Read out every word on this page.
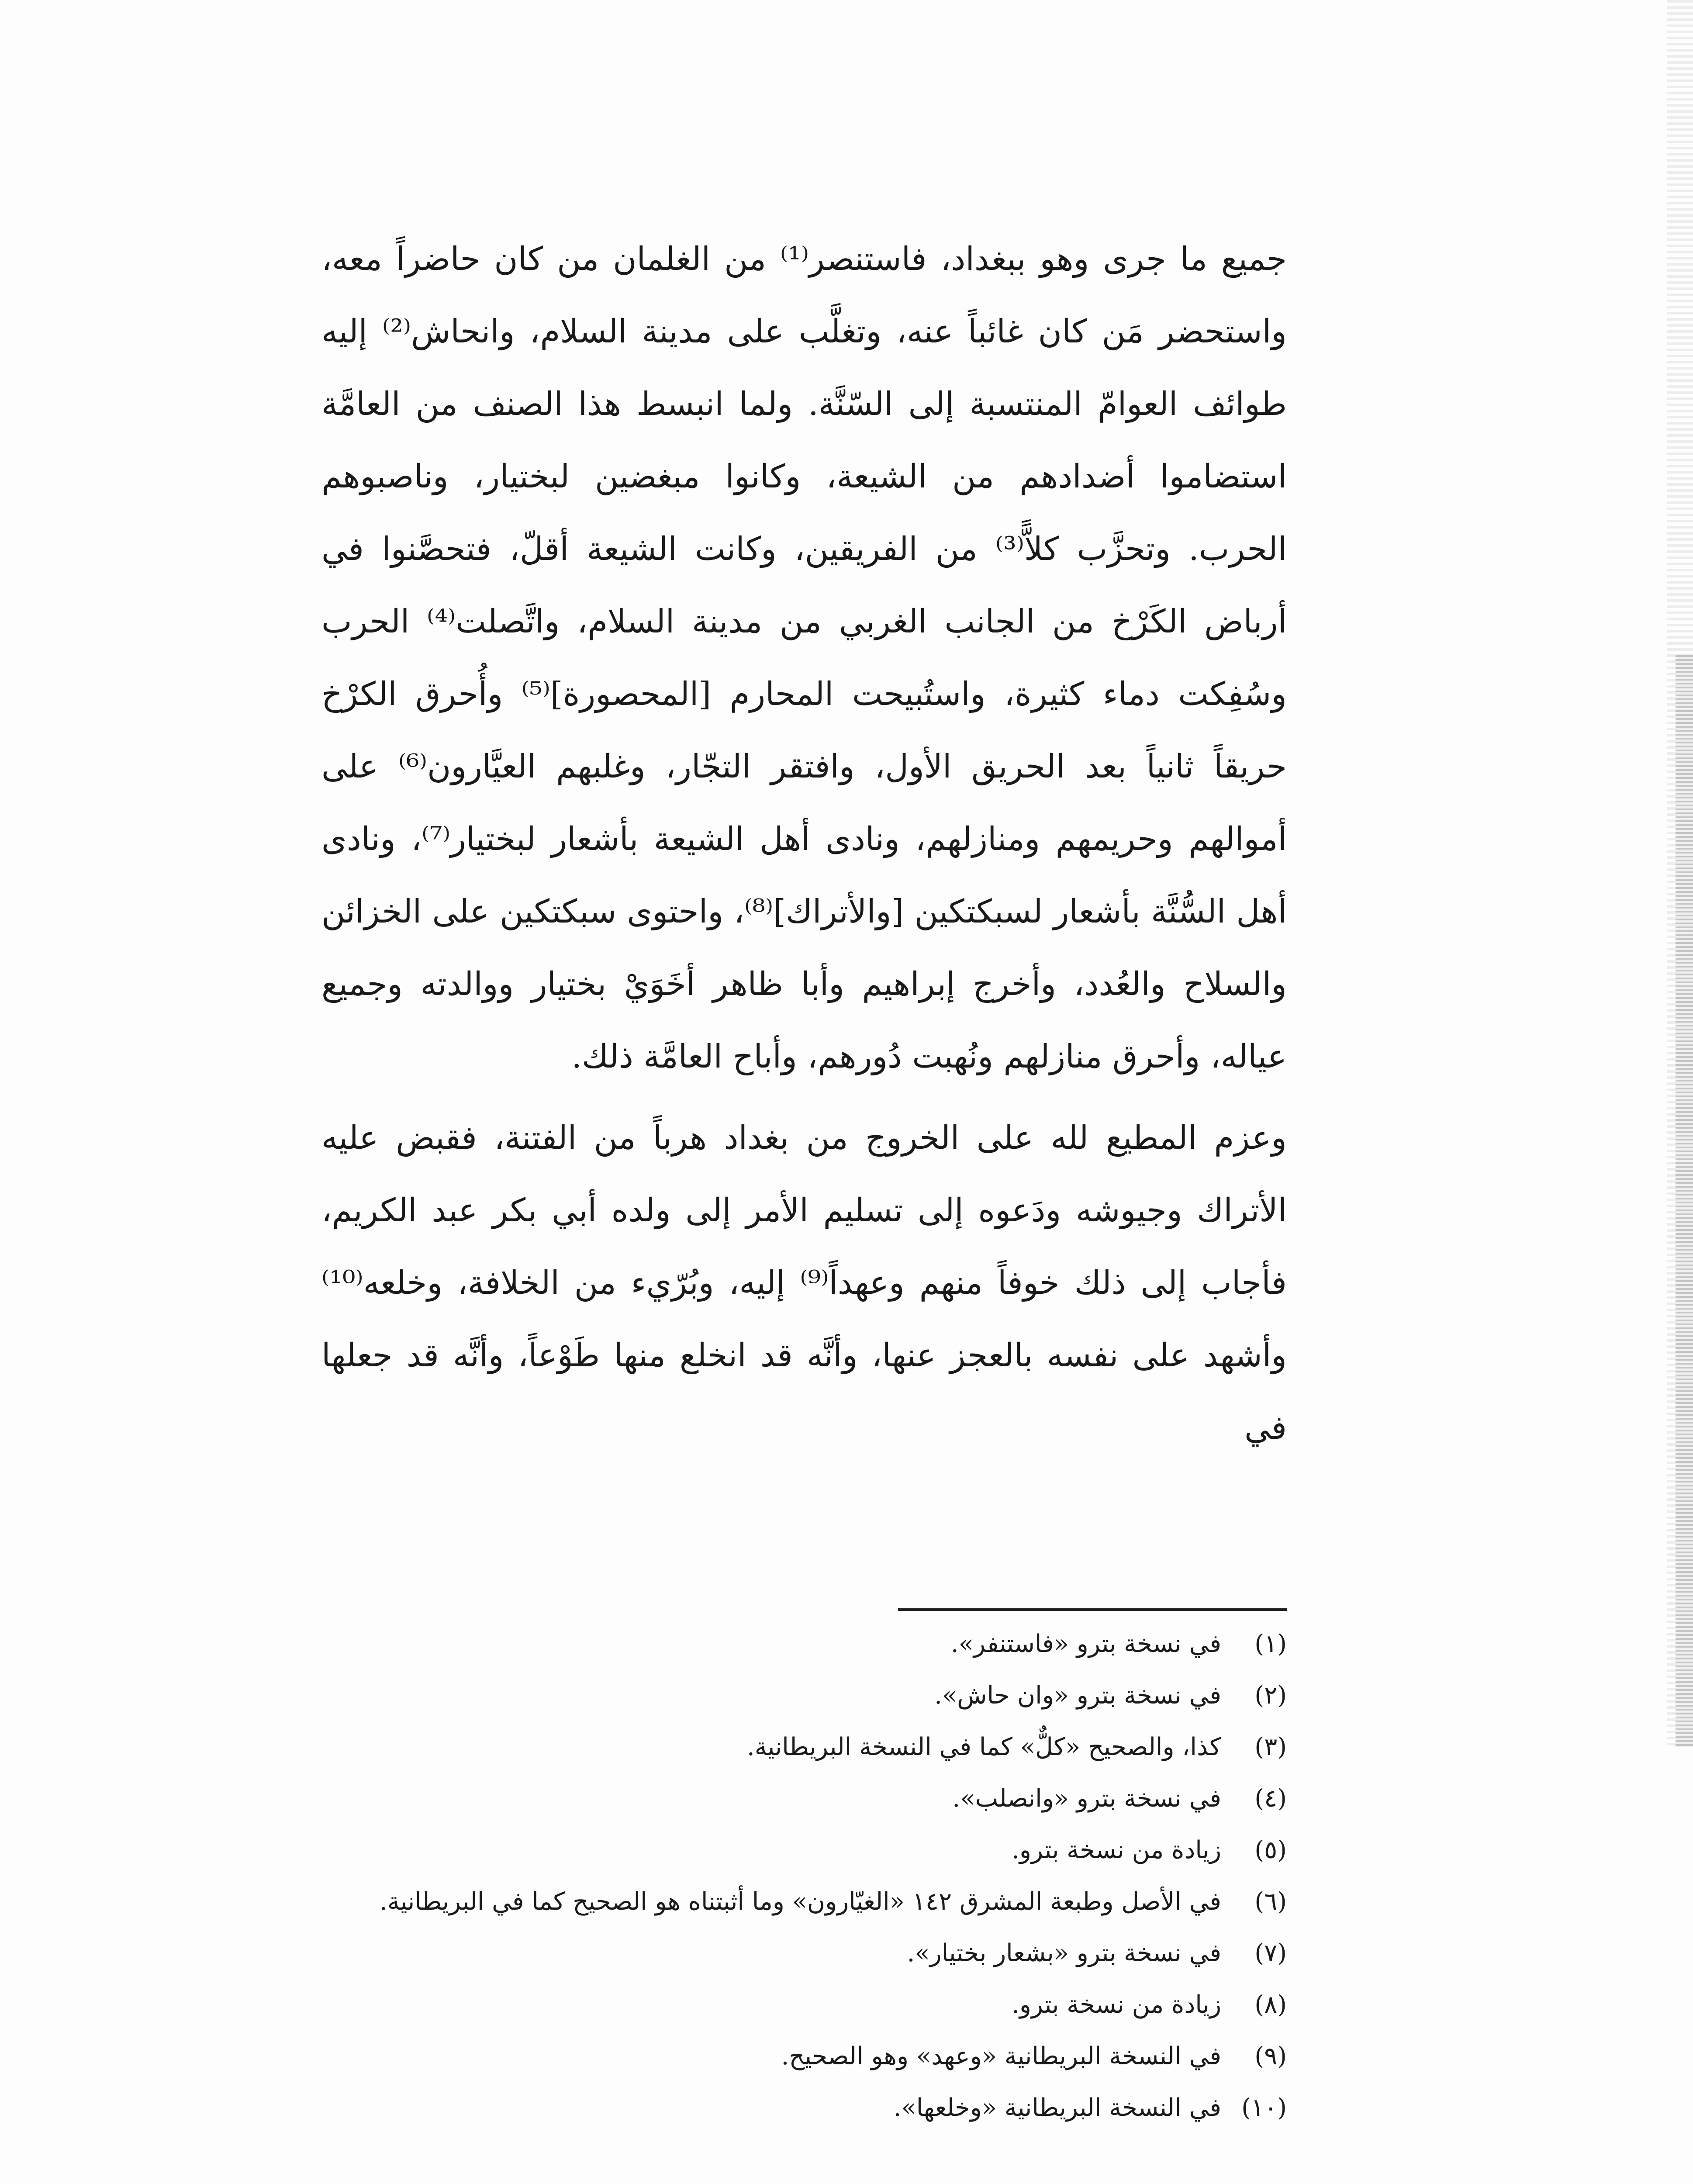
جميع ما جرى وهو ببغداد، فاستنصر⁽¹⁾ من الغلمان من كان حاضراً معه، واستحضر مَن كان غائباً عنه، وتغلَّب على مدينة السلام، وانحاش⁽²⁾ إليه طوائف العوامّ المنتسبة إلى السّنَّة. ولما انبسط هذا الصنف من العامَّة استضاموا أضدادهم من الشيعة، وكانوا مبغضين لبختيار، وناصبوهم الحرب. وتحزَّب كلاًّ⁽³⁾ من الفريقين، وكانت الشيعة أقلّ، فتحصَّنوا في أرباض الكَرْخ من الجانب الغربي من مدينة السلام، واتَّصلت⁽⁴⁾ الحرب وسُفِكت دماء كثيرة، واستُبيحت المحارم [المحصورة]⁽⁵⁾ وأُحرق الكرْخ حريقاً ثانياً بعد الحريق الأول، وافتقر التجّار، وغلبهم العيَّارون⁽⁶⁾ على أموالهم وحريمهم ومنازلهم، ونادى أهل الشيعة بأشعار لبختيار⁽⁷⁾، ونادى أهل السُّنَّة بأشعار لسبكتكين [والأتراك]⁽⁸⁾، واحتوى سبكتكين على الخزائن والسلاح والعُدد، وأخرج إبراهيم وأبا ظاهر أخَوَيْ بختيار ووالدته وجميع عياله، وأحرق منازلهم ونُهبت دُورهم، وأباح العامَّة ذلك.

وعزم المطيع لله على الخروج من بغداد هرباً من الفتنة، فقبض عليه الأتراك وجيوشه ودَعوه إلى تسليم الأمر إلى ولده أبي بكر عبد الكريم، فأجاب إلى ذلك خوفاً منهم وعهداً⁽⁹⁾ إليه، وبُرّيء من الخلافة، وخلعه⁽¹⁰⁾ وأشهد على نفسه بالعجز عنها، وأنَّه قد انخلع منها طَوْعاً، وأنَّه قد جعلها في

(١)
في نسخة بترو «فاستنفر».
(٢)
في نسخة بترو «وان حاش».
(٣)
كذا، والصحيح «كلٌّ» كما في النسخة البريطانية.
(٤)
في نسخة بترو «وانصلب».
(٥)
زيادة من نسخة بترو.
(٦)
في الأصل وطبعة المشرق ١٤٢ «الغيّارون» وما أثبتناه هو الصحيح كما في البريطانية.
(٧)
في نسخة بترو «بشعار بختيار».
(٨)
زيادة من نسخة بترو.
(٩)
في النسخة البريطانية «وعهد» وهو الصحيح.
(١٠)
في النسخة البريطانية «وخلعها».
